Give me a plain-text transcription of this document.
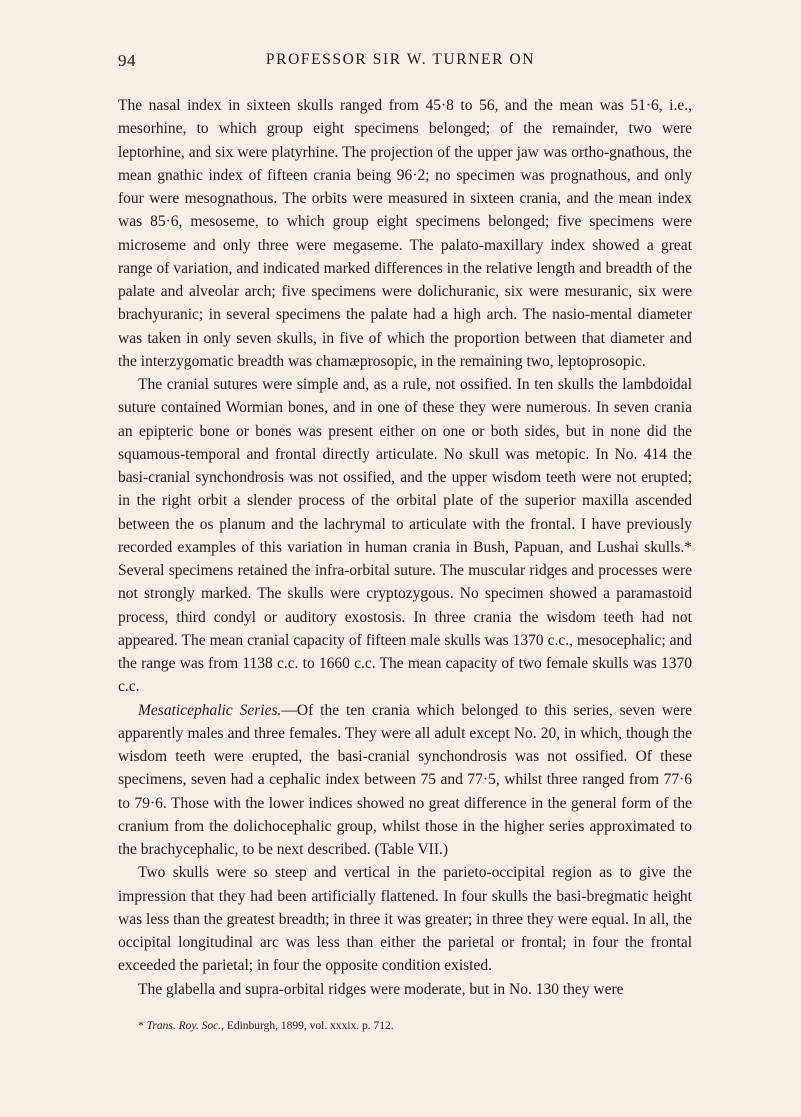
94	PROFESSOR SIR W. TURNER ON

The nasal index in sixteen skulls ranged from 45·8 to 56, and the mean was 51·6, i.e., mesorhine, to which group eight specimens belonged; of the remainder, two were leptorhine, and six were platyrhine. The projection of the upper jaw was ortho-gnathous, the mean gnathic index of fifteen crania being 96·2; no specimen was prognathous, and only four were mesognathous. The orbits were measured in sixteen crania, and the mean index was 85·6, mesoseme, to which group eight specimens belonged; five specimens were microseme and only three were megaseme. The palato-maxillary index showed a great range of variation, and indicated marked differences in the relative length and breadth of the palate and alveolar arch; five specimens were dolichuranic, six were mesuranic, six were brachyuranic; in several specimens the palate had a high arch. The nasio-mental diameter was taken in only seven skulls, in five of which the proportion between that diameter and the interzygomatic breadth was chamæprosopic, in the remaining two, leptoprosopic.

The cranial sutures were simple and, as a rule, not ossified. In ten skulls the lambdoidal suture contained Wormian bones, and in one of these they were numerous. In seven crania an epipteric bone or bones was present either on one or both sides, but in none did the squamous-temporal and frontal directly articulate. No skull was metopic. In No. 414 the basi-cranial synchondrosis was not ossified, and the upper wisdom teeth were not erupted; in the right orbit a slender process of the orbital plate of the superior maxilla ascended between the os planum and the lachrymal to articulate with the frontal. I have previously recorded examples of this variation in human crania in Bush, Papuan, and Lushai skulls.* Several specimens retained the infra-orbital suture. The muscular ridges and processes were not strongly marked. The skulls were cryptozygous. No specimen showed a paramastoid process, third condyl or auditory exostosis. In three crania the wisdom teeth had not appeared. The mean cranial capacity of fifteen male skulls was 1370 c.c., mesocephalic; and the range was from 1138 c.c. to 1660 c.c. The mean capacity of two female skulls was 1370 c.c.

Mesaticephalic Series.—Of the ten crania which belonged to this series, seven were apparently males and three females. They were all adult except No. 20, in which, though the wisdom teeth were erupted, the basi-cranial synchondrosis was not ossified. Of these specimens, seven had a cephalic index between 75 and 77·5, whilst three ranged from 77·6 to 79·6. Those with the lower indices showed no great difference in the general form of the cranium from the dolichocephalic group, whilst those in the higher series approximated to the brachycephalic, to be next described. (Table VII.)

Two skulls were so steep and vertical in the parieto-occipital region as to give the impression that they had been artificially flattened. In four skulls the basi-bregmatic height was less than the greatest breadth; in three it was greater; in three they were equal. In all, the occipital longitudinal arc was less than either the parietal or frontal; in four the frontal exceeded the parietal; in four the opposite condition existed.

The glabella and supra-orbital ridges were moderate, but in No. 130 they were

* Trans. Roy. Soc., Edinburgh, 1899, vol. xxxix. p. 712.
